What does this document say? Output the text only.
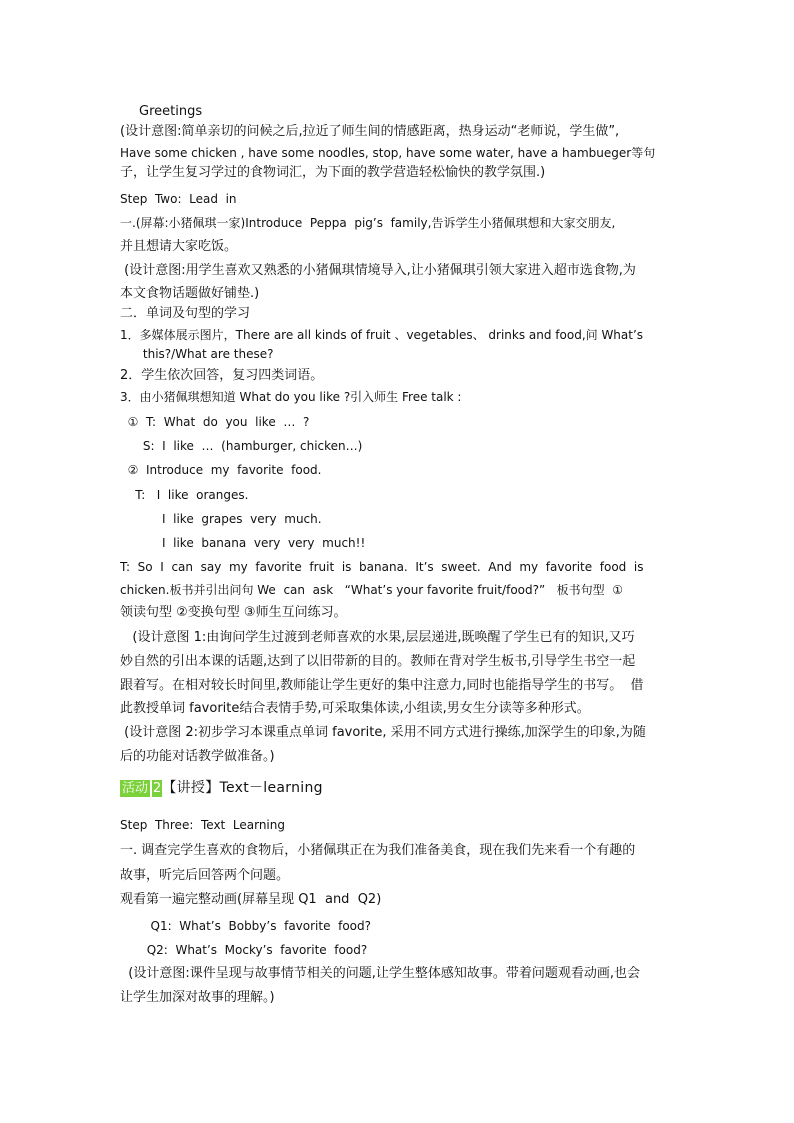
Greetings
(设计意图:简单亲切的问候之后,拉近了师生间的情感距离，热身运动“老师说，学生做”,
Have some chicken , have some noodles, stop, have some water, have a hambueger等句
子，让学生复习学过的食物词汇，为下面的教学营造轻松愉快的教学氛围.)
Step  Two:  Lead  in
一.(屏幕:小猪佩琪一家)Introduce  Peppa  pig’s  family,告诉学生小猪佩琪想和大家交朋友,
并且想请大家吃饭。
(设计意图:用学生喜欢又熟悉的小猪佩琪情境导入,让小猪佩琪引领大家进入超市选食物,为
本文食物话题做好铺垫.)
二．单词及句型的学习
1．多媒体展示图片，There are all kinds of fruit 、vegetables、 drinks and food,问 What’s
this?/What are these?
2．学生依次回答，复习四类词语。
3．由小猪佩琪想知道 What do you like ?引入师生 Free talk :
①  T:  What  do  you  like  …  ?
S:  I  like  …  (hamburger, chicken…)
②  Introduce  my  favorite  food.
T:   I  like  oranges.
I  like  grapes  very  much.
I  like  banana  very  very  much!!
T:  So  I  can  say  my  favorite  fruit  is  banana.  It’s  sweet.  And  my  favorite  food  is
chicken.板书并引出问句 We  can  ask   “What’s your favorite fruit/food?”   板书句型  ①
领读句型 ②变换句型 ③师生互问练习。
(设计意图 1:由询问学生过渡到老师喜欢的水果,层层递进,既唤醒了学生已有的知识,又巧
妙自然的引出本课的话题,达到了以旧带新的目的。教师在背对学生板书,引导学生书空一起
跟着写。在相对较长时间里,教师能让学生更好的集中注意力,同时也能指导学生的书写。  借
此教授单词 favorite结合表情手势,可采取集体读,小组读,男女生分读等多种形式。
(设计意图 2:初步学习本课重点单词 favorite, 采用不同方式进行操练,加深学生的印象,为随
后的功能对话教学做准备。)
活动 2【讲授】Text－learning
Step  Three:  Text  Learning
一. 调查完学生喜欢的食物后，小猪佩琪正在为我们准备美食，现在我们先来看一个有趣的
故事，听完后回答两个问题。
观看第一遍完整动画(屏幕呈现 Q1  and  Q2)
Q1:  What’s  Bobby’s  favorite  food?
Q2:  What’s  Mocky’s  favorite  food?
(设计意图:课件呈现与故事情节相关的问题,让学生整体感知故事。带着问题观看动画,也会
让学生加深对故事的理解。)
